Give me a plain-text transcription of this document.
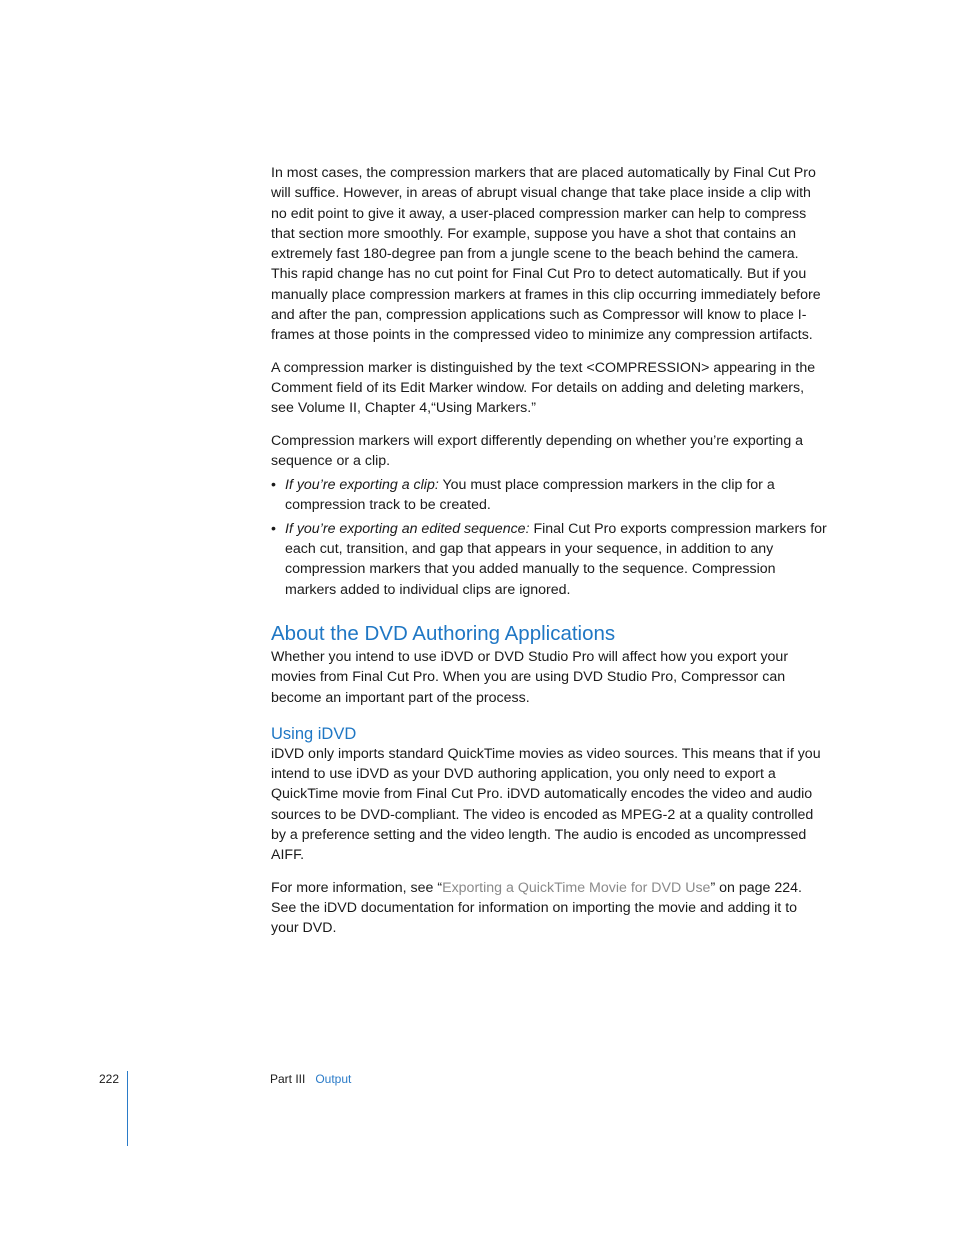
In most cases, the compression markers that are placed automatically by Final Cut Pro will suffice. However, in areas of abrupt visual change that take place inside a clip with no edit point to give it away, a user-placed compression marker can help to compress that section more smoothly. For example, suppose you have a shot that contains an extremely fast 180-degree pan from a jungle scene to the beach behind the camera. This rapid change has no cut point for Final Cut Pro to detect automatically. But if you manually place compression markers at frames in this clip occurring immediately before and after the pan, compression applications such as Compressor will know to place I-frames at those points in the compressed video to minimize any compression artifacts.

A compression marker is distinguished by the text <COMPRESSION> appearing in the Comment field of its Edit Marker window. For details on adding and deleting markers, see Volume II, Chapter 4,“Using Markers.”

Compression markers will export differently depending on whether you’re exporting a sequence or a clip.

• If you’re exporting a clip: You must place compression markers in the clip for a compression track to be created.
• If you’re exporting an edited sequence: Final Cut Pro exports compression markers for each cut, transition, and gap that appears in your sequence, in addition to any compression markers that you added manually to the sequence. Compression markers added to individual clips are ignored.
About the DVD Authoring Applications

Whether you intend to use iDVD or DVD Studio Pro will affect how you export your movies from Final Cut Pro. When you are using DVD Studio Pro, Compressor can become an important part of the process.

Using iDVD

iDVD only imports standard QuickTime movies as video sources. This means that if you intend to use iDVD as your DVD authoring application, you only need to export a QuickTime movie from Final Cut Pro. iDVD automatically encodes the video and audio sources to be DVD-compliant. The video is encoded as MPEG-2 at a quality controlled by a preference setting and the video length. The audio is encoded as uncompressed AIFF.

For more information, see “Exporting a QuickTime Movie for DVD Use” on page 224. See the iDVD documentation for information on importing the movie and adding it to your DVD.

222	Part III Output
